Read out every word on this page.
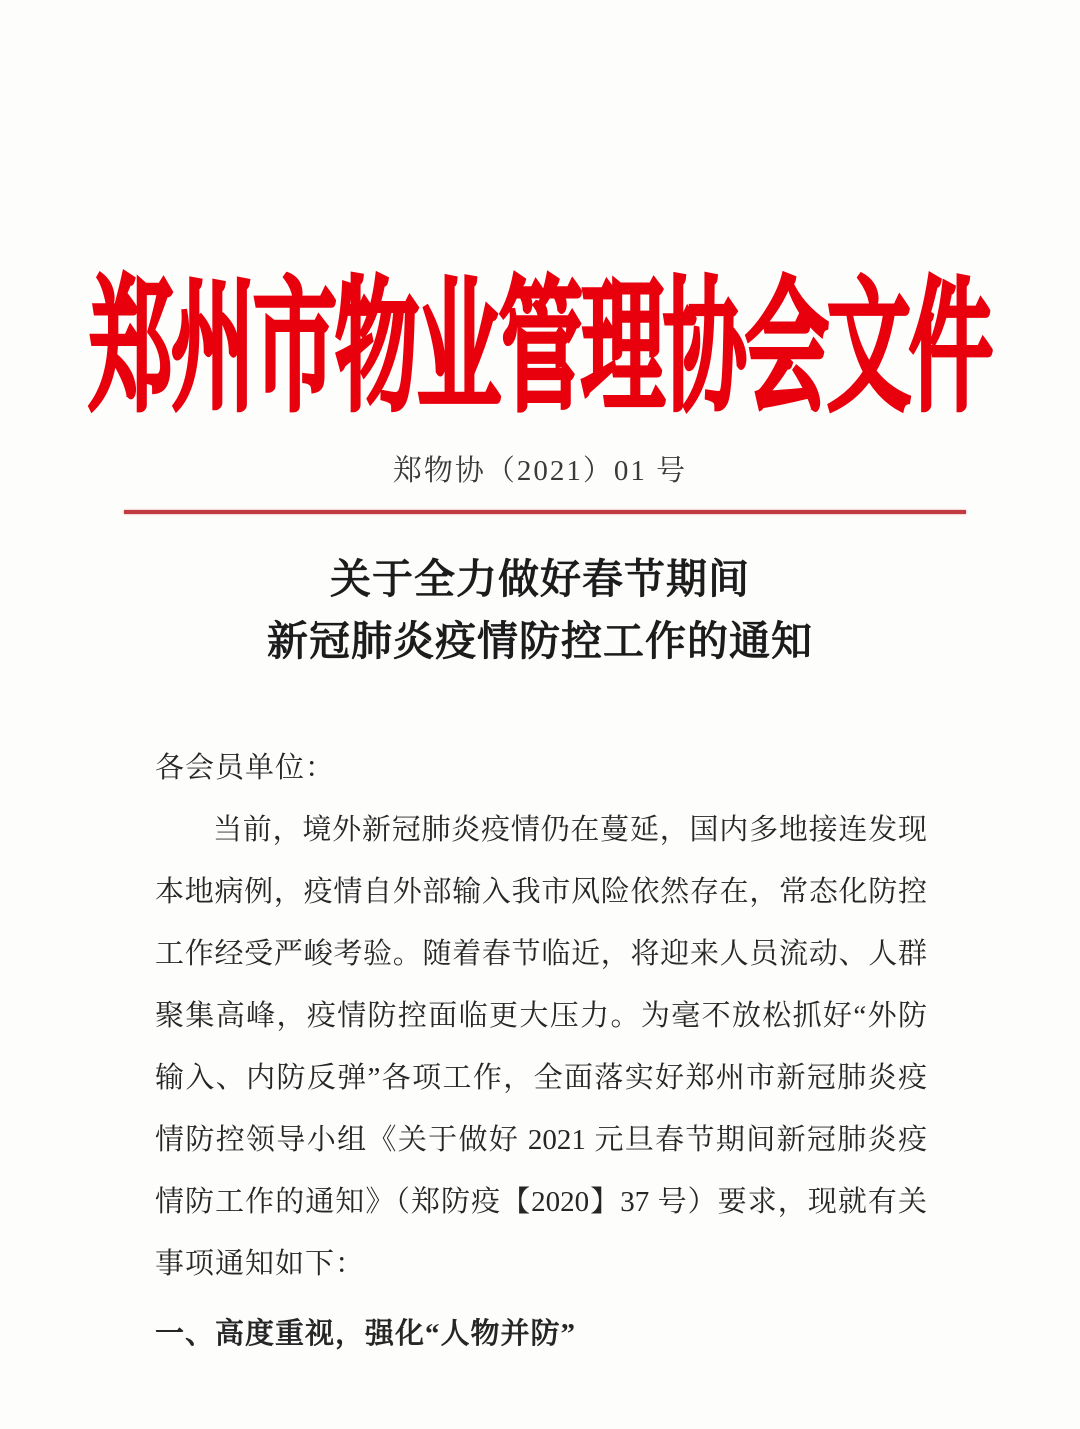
郑州市物业管理协会文件
郑物协（2021）01 号
关于全力做好春节期间
新冠肺炎疫情防控工作的通知
各会员单位：
当前，境外新冠肺炎疫情仍在蔓延，国内多地接连发现
本地病例，疫情自外部输入我市风险依然存在，常态化防控
工作经受严峻考验。随着春节临近，将迎来人员流动、人群
聚集高峰，疫情防控面临更大压力。为毫不放松抓好“外防
输入、内防反弹”各项工作，全面落实好郑州市新冠肺炎疫
情防控领导小组《关于做好 2021 元旦春节期间新冠肺炎疫
情防工作的通知》（郑防疫【2020】37 号）要求，现就有关
事项通知如下：
一、高度重视，强化“人物并防”
